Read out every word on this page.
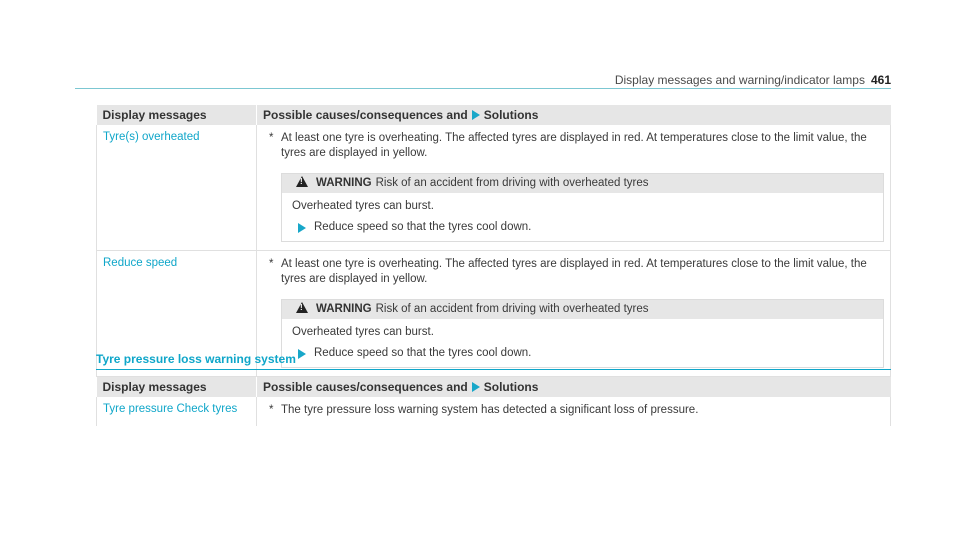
Display messages and warning/indicator lamps 461
Display messages	Possible causes/consequences and Solutions
Tyre(s) overheated	* At least one tyre is overheating. The affected tyres are displayed in red. At temperatures close to the limit value, the tyres are displayed in yellow.
!WARNING Risk of an accident from driving with overheated tyres

Overheated tyres can burst.

Reduce speed so that the tyres cool down.

Reduce speed	* At least one tyre is overheating. The affected tyres are displayed in red. At temperatures close to the limit value, the tyres are displayed in yellow.
!WARNING Risk of an accident from driving with overheated tyres

Overheated tyres can burst.

Reduce speed so that the tyres cool down.
Tyre pressure loss warning system
Display messages	Possible causes/consequences and Solutions
Tyre pressure Check tyres	* The tyre pressure loss warning system has detected a significant loss of pressure.
